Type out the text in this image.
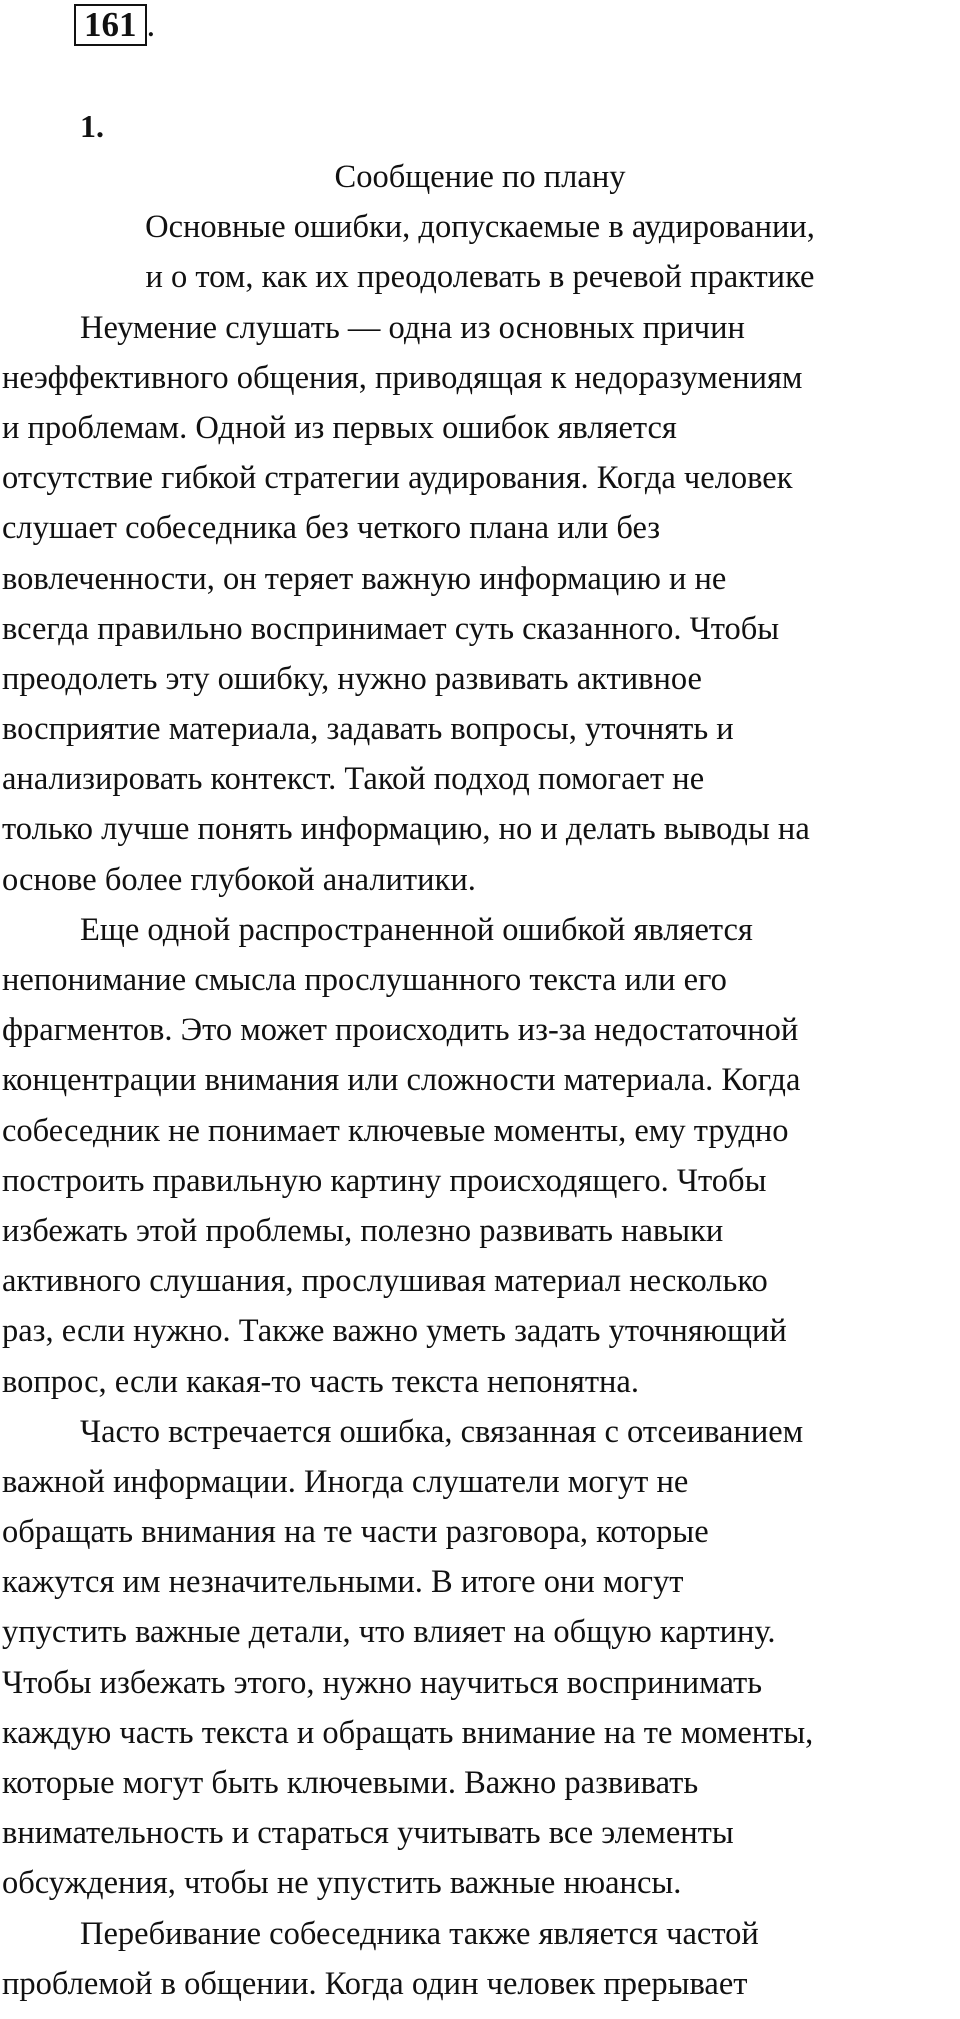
161 .
1.
Сообщение по плану
Основные ошибки, допускаемые в аудировании,
и о том, как их преодолевать в речевой практике
Неумение слушать — одна из основных причин
неэффективного общения, приводящая к недоразумениям
и проблемам. Одной из первых ошибок является
отсутствие гибкой стратегии аудирования. Когда человек
слушает собеседника без четкого плана или без
вовлеченности, он теряет важную информацию и не
всегда правильно воспринимает суть сказанного. Чтобы
преодолеть эту ошибку, нужно развивать активное
восприятие материала, задавать вопросы, уточнять и
анализировать контекст. Такой подход помогает не
только лучше понять информацию, но и делать выводы на
основе более глубокой аналитики.
Еще одной распространенной ошибкой является
непонимание смысла прослушанного текста или его
фрагментов. Это может происходить из-за недостаточной
концентрации внимания или сложности материала. Когда
собеседник не понимает ключевые моменты, ему трудно
построить правильную картину происходящего. Чтобы
избежать этой проблемы, полезно развивать навыки
активного слушания, прослушивая материал несколько
раз, если нужно. Также важно уметь задать уточняющий
вопрос, если какая-то часть текста непонятна.
Часто встречается ошибка, связанная с отсеиванием
важной информации. Иногда слушатели могут не
обращать внимания на те части разговора, которые
кажутся им незначительными. В итоге они могут
упустить важные детали, что влияет на общую картину.
Чтобы избежать этого, нужно научиться воспринимать
каждую часть текста и обращать внимание на те моменты,
которые могут быть ключевыми. Важно развивать
внимательность и стараться учитывать все элементы
обсуждения, чтобы не упустить важные нюансы.
Перебивание собеседника также является частой
проблемой в общении. Когда один человек прерывает
